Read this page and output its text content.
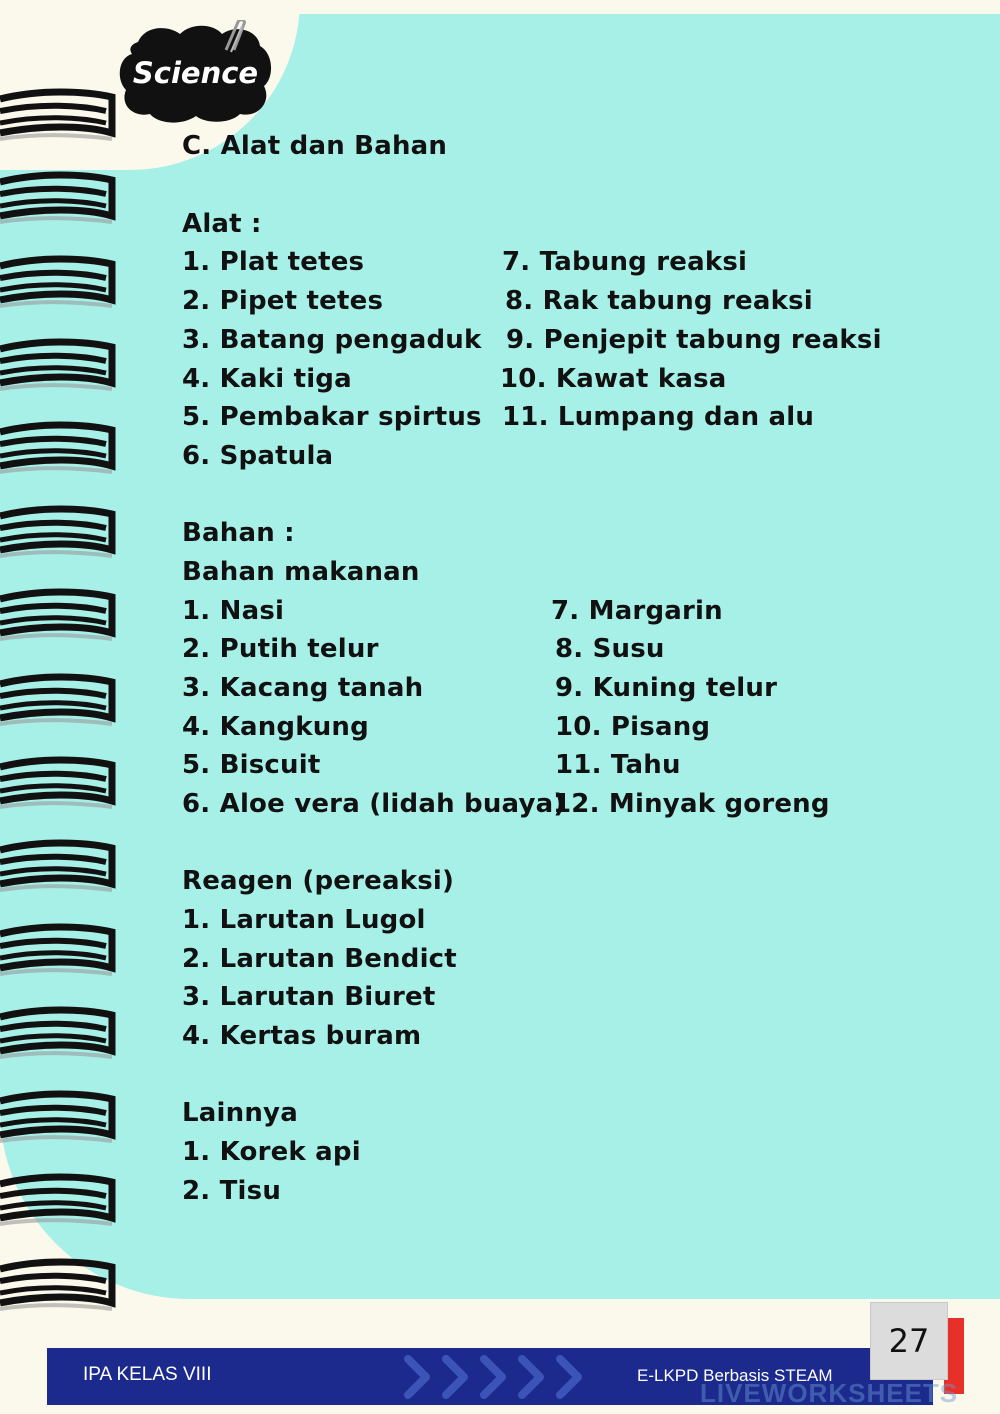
Science
C. Alat dan Bahan
Alat :
1. Plat tetes
2. Pipet tetes
3. Batang pengaduk
4. Kaki tiga
5. Pembakar spirtus
6. Spatula
7. Tabung reaksi
8. Rak tabung reaksi
9. Penjepit tabung reaksi
10. Kawat kasa
11. Lumpang dan alu
Bahan :
Bahan makanan
1. Nasi
2. Putih telur
3. Kacang tanah
4. Kangkung
5. Biscuit
6. Aloe vera (lidah buaya)
7. Margarin
8. Susu
9. Kuning telur
10. Pisang
11. Tahu
12. Minyak goreng
Reagen (pereaksi)
1. Larutan Lugol
2. Larutan Bendict
3. Larutan Biuret
4. Kertas buram
Lainnya
1. Korek api
2. Tisu
IPA KELAS VIII	E-LKPD Berbasis STEAM
27
LIVEWORKSHEETS
